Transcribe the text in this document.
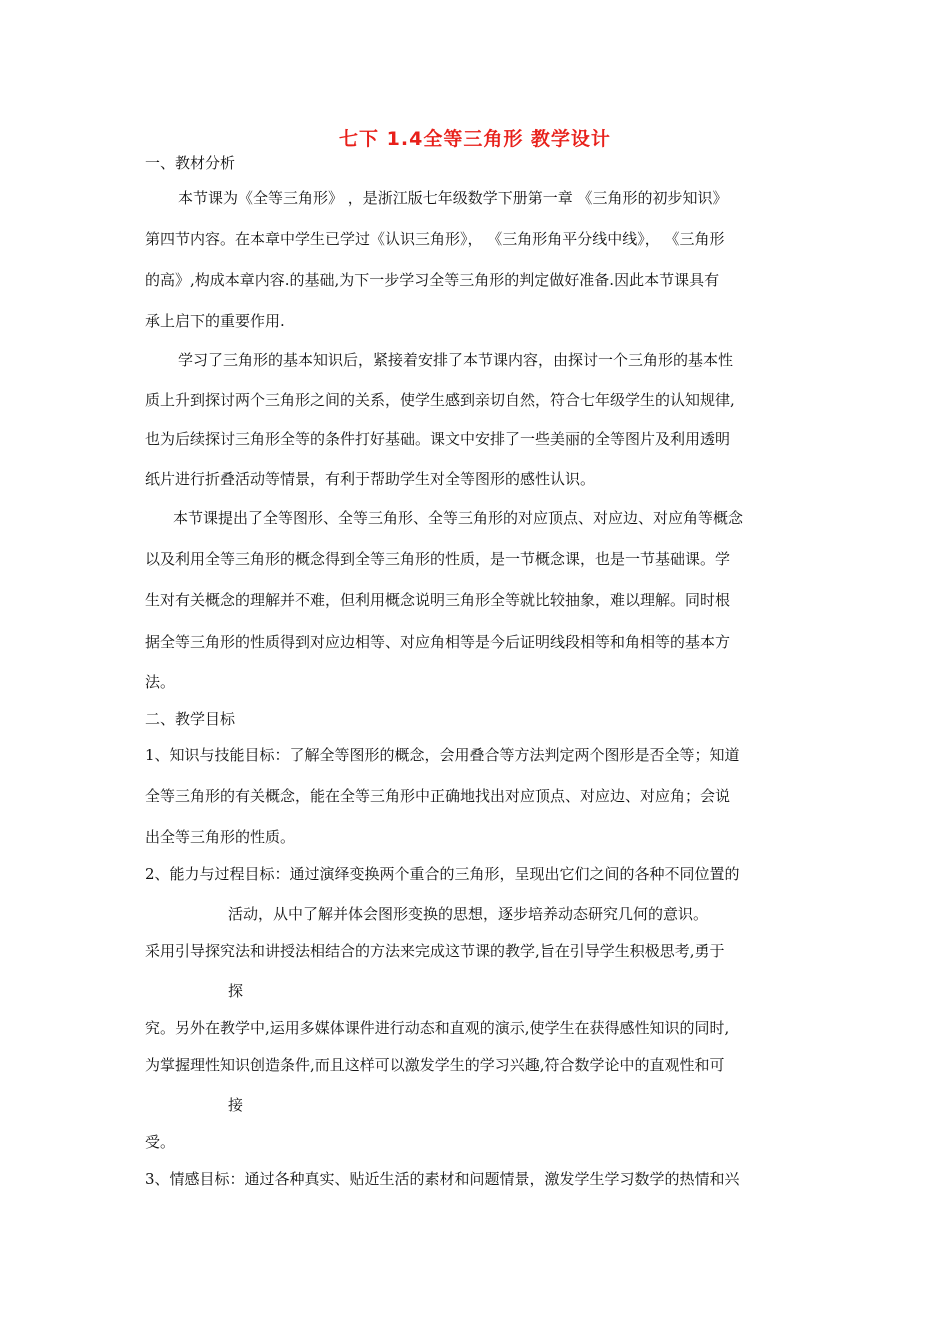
七下 1.4全等三角形 教学设计
一、教材分析
本节课为《全等三角形》 ，是浙江版七年级数学下册第一章 《三角形的初步知识》
第四节内容。在本章中学生已学过《认识三角形》， 《三角形角平分线中线》， 《三角形
的高》,构成本章内容.的基础,为下一步学习全等三角形的判定做好准备.因此本节课具有
承上启下的重要作用.
学习了三角形的基本知识后，紧接着安排了本节课内容，由探讨一个三角形的基本性
质上升到探讨两个三角形之间的关系，使学生感到亲切自然，符合七年级学生的认知规律,
也为后续探讨三角形全等的条件打好基础。课文中安排了一些美丽的全等图片及利用透明
纸片进行折叠活动等情景，有利于帮助学生对全等图形的感性认识。
本节课提出了全等图形、全等三角形、全等三角形的对应顶点、对应边、对应角等概念
以及利用全等三角形的概念得到全等三角形的性质，是一节概念课，也是一节基础课。学
生对有关概念的理解并不难，但利用概念说明三角形全等就比较抽象，难以理解。同时根
据全等三角形的性质得到对应边相等、对应角相等是今后证明线段相等和角相等的基本方
法。
二、教学目标
1、知识与技能目标：了解全等图形的概念，会用叠合等方法判定两个图形是否全等；知道
全等三角形的有关概念，能在全等三角形中正确地找出对应顶点、对应边、对应角；会说
出全等三角形的性质。
2、能力与过程目标：通过演绎变换两个重合的三角形，呈现出它们之间的各种不同位置的
活动，从中了解并体会图形变换的思想，逐步培养动态研究几何的意识。
采用引导探究法和讲授法相结合的方法来完成这节课的教学,旨在引导学生积极思考,勇于
探
究。另外在教学中,运用多媒体课件进行动态和直观的演示,使学生在获得感性知识的同时,
为掌握理性知识创造条件,而且这样可以激发学生的学习兴趣,符合数学论中的直观性和可
接
受。
3、情感目标：通过各种真实、贴近生活的素材和问题情景，激发学生学习数学的热情和兴
